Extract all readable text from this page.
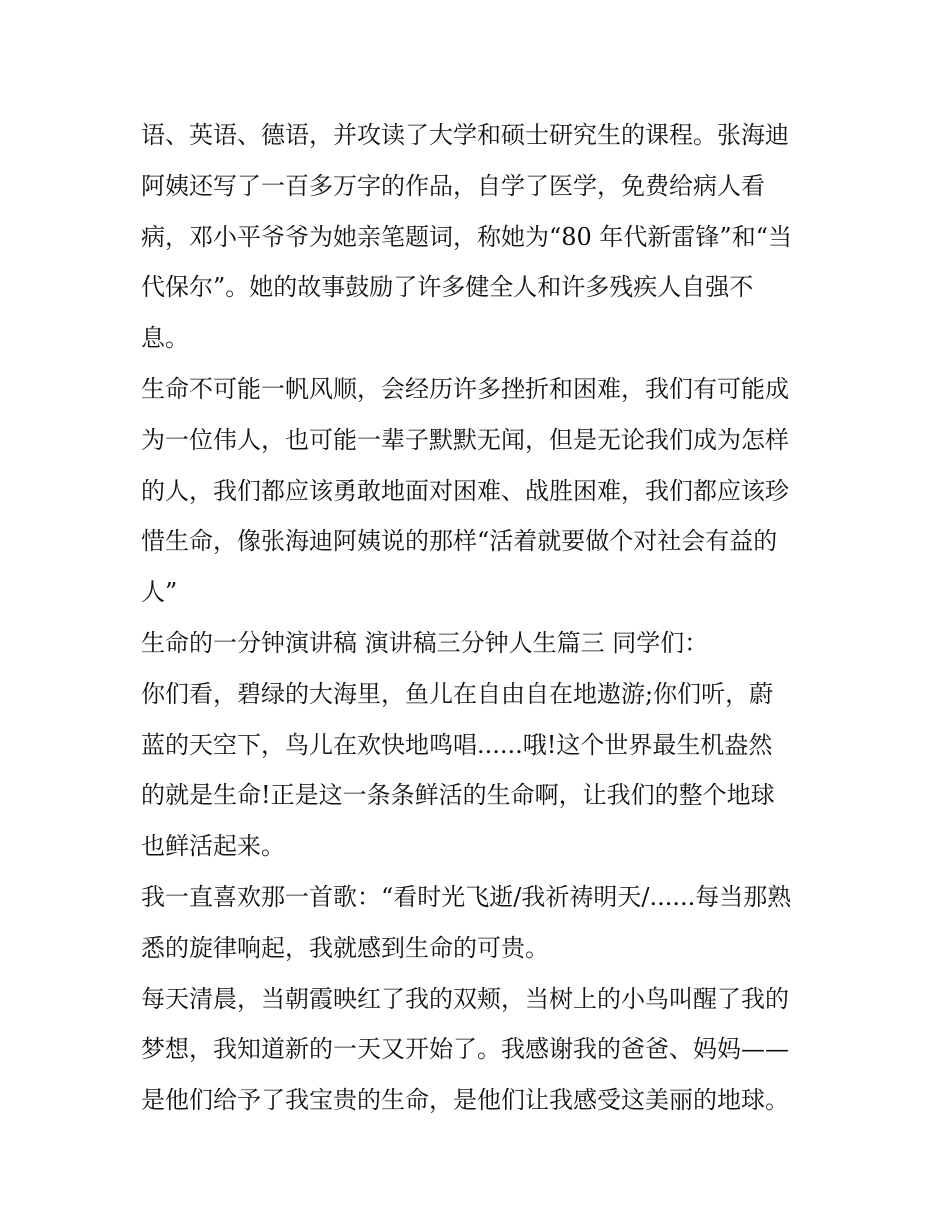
语、英语、德语，并攻读了大学和硕士研究生的课程。张海迪
阿姨还写了一百多万字的作品，自学了医学，免费给病人看
病，邓小平爷爷为她亲笔题词，称她为“80 年代新雷锋”和“当
代保尔”。她的故事鼓励了许多健全人和许多残疾人自强不
息。
生命不可能一帆风顺，会经历许多挫折和困难，我们有可能成
为一位伟人，也可能一辈子默默无闻，但是无论我们成为怎样
的人，我们都应该勇敢地面对困难、战胜困难，我们都应该珍
惜生命，像张海迪阿姨说的那样“活着就要做个对社会有益的
人”
生命的一分钟演讲稿 演讲稿三分钟人生篇三 同学们：
你们看，碧绿的大海里，鱼儿在自由自在地遨游;你们听，蔚
蓝的天空下，鸟儿在欢快地鸣唱......哦!这个世界最生机盎然
的就是生命!正是这一条条鲜活的生命啊，让我们的整个地球
也鲜活起来。
我一直喜欢那一首歌：“看时光飞逝/我祈祷明天/......每当那熟
悉的旋律响起，我就感到生命的可贵。
每天清晨，当朝霞映红了我的双颊，当树上的小鸟叫醒了我的
梦想，我知道新的一天又开始了。我感谢我的爸爸、妈妈——
是他们给予了我宝贵的生命，是他们让我感受这美丽的地球。
